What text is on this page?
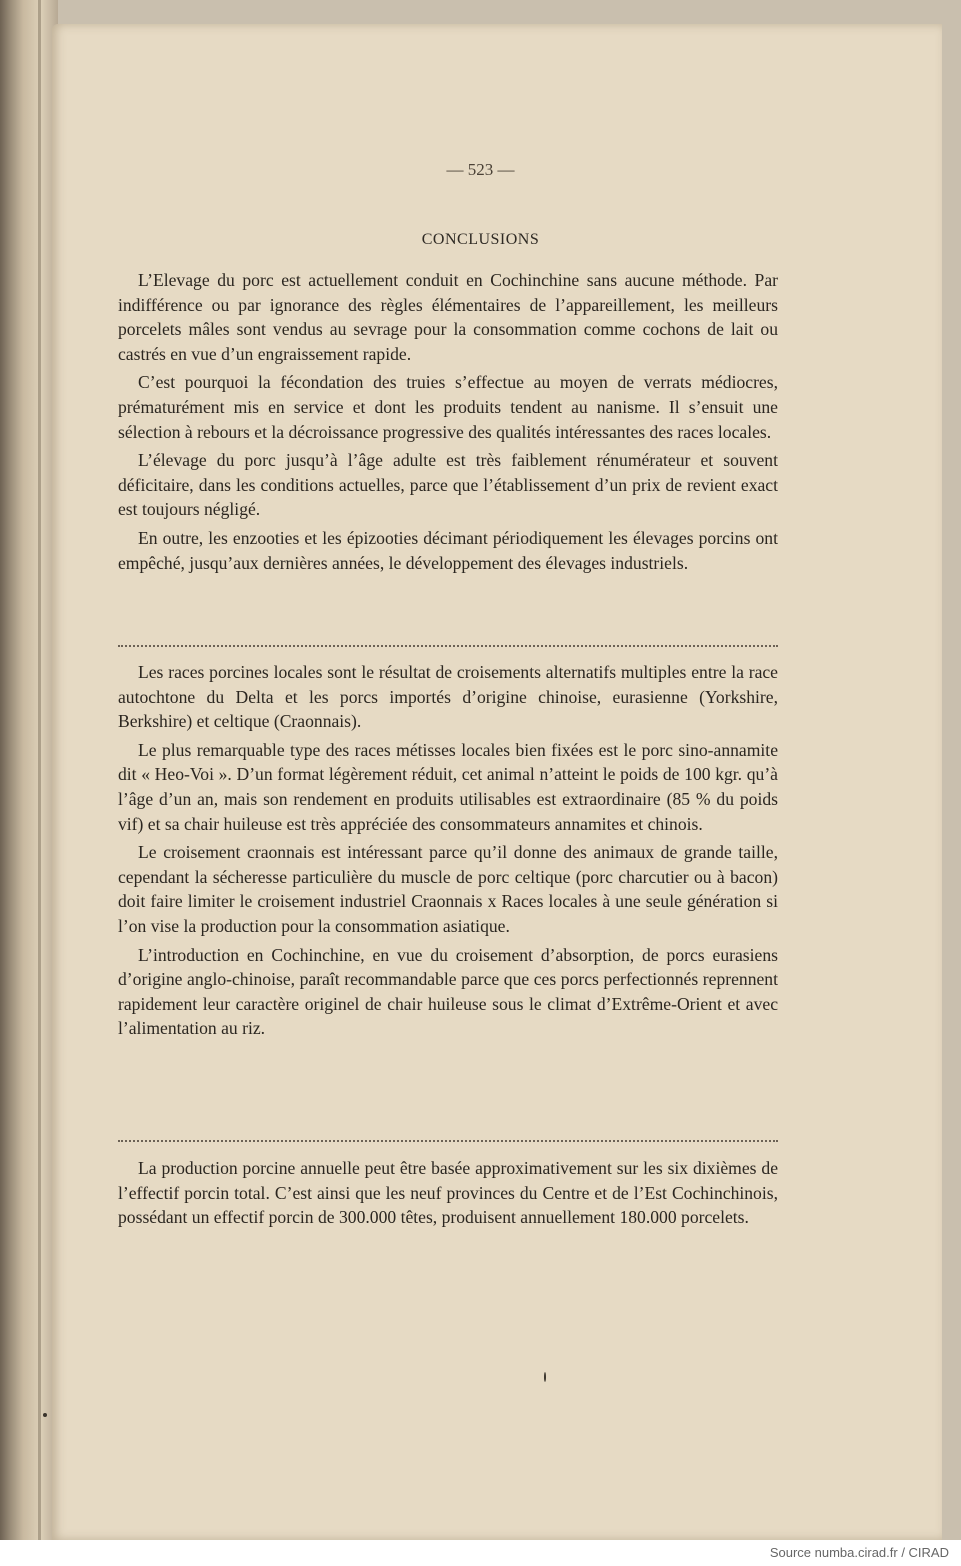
— 523 —
CONCLUSIONS

L’Elevage du porc est actuellement conduit en Cochinchine sans aucune méthode. Par indifférence ou par ignorance des règles élémentaires de l’appareillement, les meilleurs porcelets mâles sont vendus au sevrage pour la consommation comme cochons de lait ou castrés en vue d’un engraissement rapide.

C’est pourquoi la fécondation des truies s’effectue au moyen de verrats médiocres, prématurément mis en service et dont les produits tendent au nanisme. Il s’ensuit une sélection à rebours et la décroissance progressive des qualités intéressantes des races locales.

L’élevage du porc jusqu’à l’âge adulte est très faiblement rénumérateur et souvent déficitaire, dans les conditions actuelles, parce que l’établissement d’un prix de revient exact est toujours négligé.

En outre, les enzooties et les épizooties décimant périodiquement les élevages porcins ont empêché, jusqu’aux dernières années, le développement des élevages industriels.

Les races porcines locales sont le résultat de croisements alternatifs multiples entre la race autochtone du Delta et les porcs importés d’origine chinoise, eurasienne (Yorkshire, Berkshire) et celtique (Craonnais).

Le plus remarquable type des races métisses locales bien fixées est le porc sino-annamite dit « Heo-Voi ». D’un format légèrement réduit, cet animal n’atteint le poids de 100 kgr. qu’à l’âge d’un an, mais son rendement en produits utilisables est extraordinaire (85 % du poids vif) et sa chair huileuse est très appréciée des consommateurs annamites et chinois.

Le croisement craonnais est intéressant parce qu’il donne des animaux de grande taille, cependant la sécheresse particulière du muscle de porc celtique (porc charcutier ou à bacon) doit faire limiter le croisement industriel Craonnais x Races locales à une seule génération si l’on vise la production pour la consommation asiatique.

L’introduction en Cochinchine, en vue du croisement d’absorption, de porcs eurasiens d’origine anglo-chinoise, paraît recommandable parce que ces porcs perfectionnés reprennent rapidement leur caractère originel de chair huileuse sous le climat d’Extrême-Orient et avec l’alimentation au riz.

La production porcine annuelle peut être basée approximativement sur les six dixièmes de l’effectif porcin total. C’est ainsi que les neuf provinces du Centre et de l’Est Cochinchinois, possédant un effectif porcin de 300.000 têtes, produisent annuellement 180.000 porcelets.

Source numba.cirad.fr / CIRAD
